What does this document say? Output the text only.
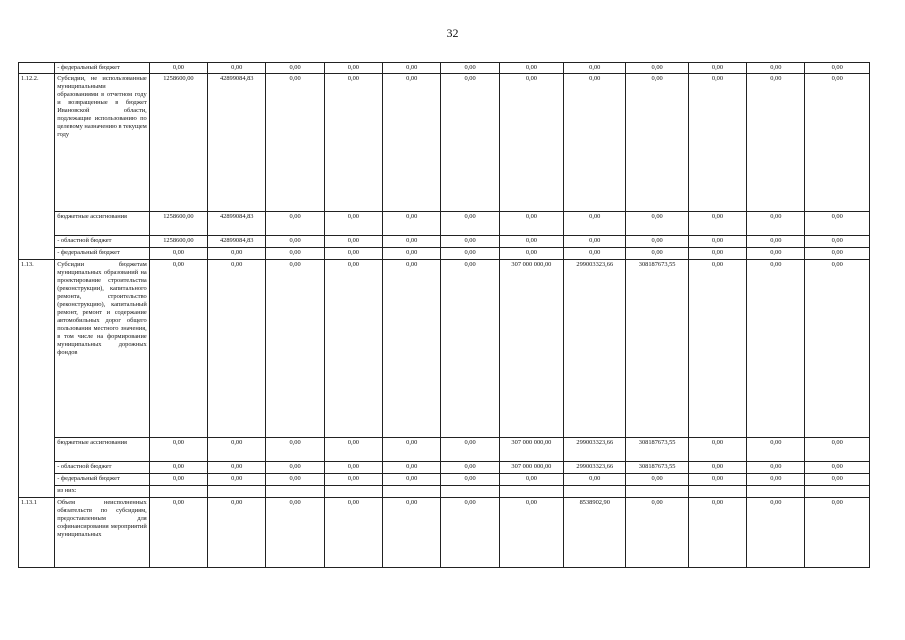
32
	- федеральный бюджет	0,00	0,00	0,00	0,00	0,00	0,00	0,00	0,00	0,00	0,00	0,00	0,00
1.12.2.	Субсидии, не использованные муниципальными образованиями в отчетном году и возвращенные в бюджет Ивановской области, подлежащие использованию по целевому назначению в текущем году	1258600,00	42899084,83	0,00	0,00	0,00	0,00	0,00	0,00	0,00	0,00	0,00	0,00
	бюджетные ассигнования	1258600,00	42899084,83	0,00	0,00	0,00	0,00	0,00	0,00	0,00	0,00	0,00	0,00
	- областной бюджет	1258600,00	42899084,83	0,00	0,00	0,00	0,00	0,00	0,00	0,00	0,00	0,00	0,00
	- федеральный бюджет	0,00	0,00	0,00	0,00	0,00	0,00	0,00	0,00	0,00	0,00	0,00	0,00
1.13.	Субсидии бюджетам муниципальных образований на проектирование строительства (реконструкции), капитального ремонта, строительство (реконструкцию), капитальный ремонт, ремонт и содержание автомобильных дорог общего пользования местного значения, в том числе на формирование муниципальных дорожных фондов	0,00	0,00	0,00	0,00	0,00	0,00	307 000 000,00	299003323,66	308187673,55	0,00	0,00	0,00
	бюджетные ассигнования	0,00	0,00	0,00	0,00	0,00	0,00	307 000 000,00	299003323,66	308187673,55	0,00	0,00	0,00
	- областной бюджет	0,00	0,00	0,00	0,00	0,00	0,00	307 000 000,00	299003323,66	308187673,55	0,00	0,00	0,00
	- федеральный бюджет	0,00	0,00	0,00	0,00	0,00	0,00	0,00	0,00	0,00	0,00	0,00	0,00
	из них:												
1.13.1	Объем неисполненных обязательств по субсидиям, предоставленным для софинансирования мероприятий муниципальных	0,00	0,00	0,00	0,00	0,00	0,00	0,00	8538902,90	0,00	0,00	0,00	0,00
